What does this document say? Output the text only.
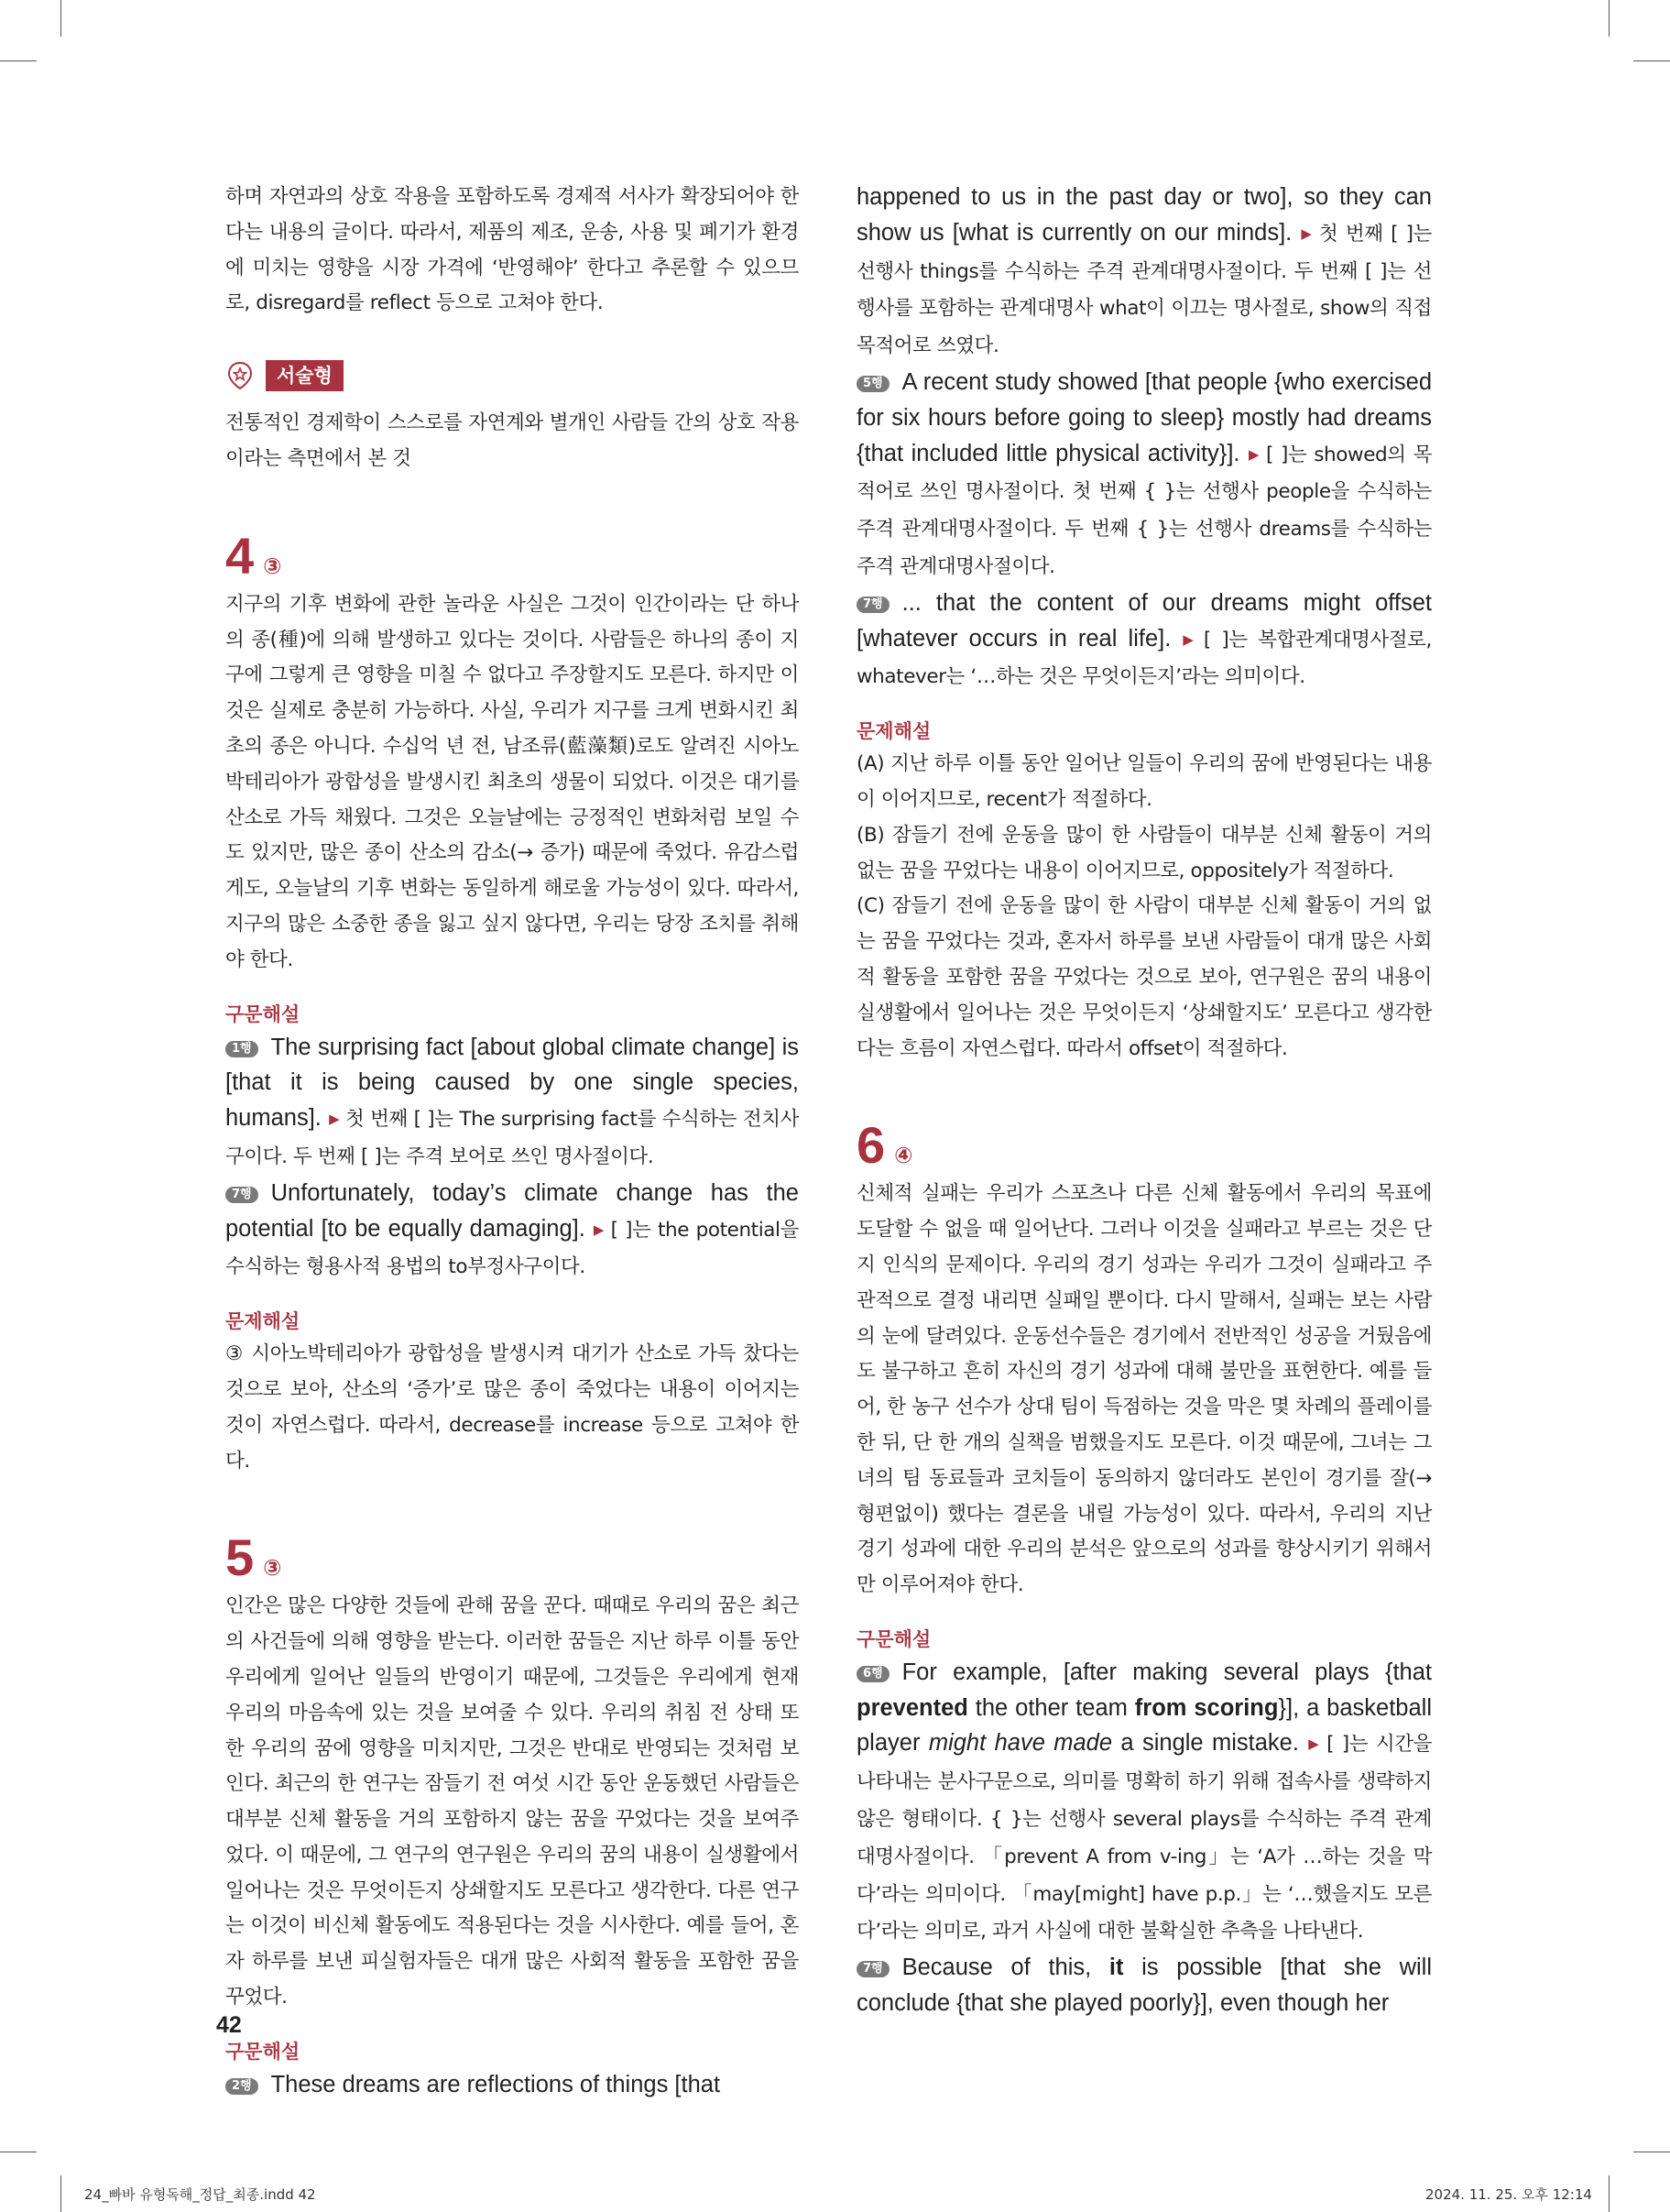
하며 자연과의 상호 작용을 포함하도록 경제적 서사가 확장되어야 한다는 내용의 글이다. 따라서, 제품의 제조, 운송, 사용 및 폐기가 환경에 미치는 영향을 시장 가격에 ‘반영해야’ 한다고 추론할 수 있으므로, disregard를 reflect 등으로 고쳐야 한다.

서술형

전통적인 경제학이 스스로를 자연계와 별개인 사람들 간의 상호 작용이라는 측면에서 본 것

4 ③

지구의 기후 변화에 관한 놀라운 사실은 그것이 인간이라는 단 하나의 종(種)에 의해 발생하고 있다는 것이다. 사람들은 하나의 종이 지구에 그렇게 큰 영향을 미칠 수 없다고 주장할지도 모른다. 하지만 이것은 실제로 충분히 가능하다. 사실, 우리가 지구를 크게 변화시킨 최초의 종은 아니다. 수십억 년 전, 남조류(藍藻類)로도 알려진 시아노박테리아가 광합성을 발생시킨 최초의 생물이 되었다. 이것은 대기를 산소로 가득 채웠다. 그것은 오늘날에는 긍정적인 변화처럼 보일 수도 있지만, 많은 종이 산소의 감소(→ 증가) 때문에 죽었다. 유감스럽게도, 오늘날의 기후 변화는 동일하게 해로울 가능성이 있다. 따라서, 지구의 많은 소중한 종을 잃고 싶지 않다면, 우리는 당장 조치를 취해야 한다.

구문해설

1행 The surprising fact [about global climate change] is [that it is being caused by one single species, humans]. ▶ 첫 번째 [ ]는 The surprising fact를 수식하는 전치사구이다. 두 번째 [ ]는 주격 보어로 쓰인 명사절이다.

7행 Unfortunately, today’s climate change has the potential [to be equally damaging]. ▶ [ ]는 the potential을 수식하는 형용사적 용법의 to부정사구이다.

문제해설

③ 시아노박테리아가 광합성을 발생시켜 대기가 산소로 가득 찼다는 것으로 보아, 산소의 ‘증가’로 많은 종이 죽었다는 내용이 이어지는 것이 자연스럽다. 따라서, decrease를 increase 등으로 고쳐야 한다.

5 ③

인간은 많은 다양한 것들에 관해 꿈을 꾼다. 때때로 우리의 꿈은 최근의 사건들에 의해 영향을 받는다. 이러한 꿈들은 지난 하루 이틀 동안 우리에게 일어난 일들의 반영이기 때문에, 그것들은 우리에게 현재 우리의 마음속에 있는 것을 보여줄 수 있다. 우리의 취침 전 상태 또한 우리의 꿈에 영향을 미치지만, 그것은 반대로 반영되는 것처럼 보인다. 최근의 한 연구는 잠들기 전 여섯 시간 동안 운동했던 사람들은 대부분 신체 활동을 거의 포함하지 않는 꿈을 꾸었다는 것을 보여주었다. 이 때문에, 그 연구의 연구원은 우리의 꿈의 내용이 실생활에서 일어나는 것은 무엇이든지 상쇄할지도 모른다고 생각한다. 다른 연구는 이것이 비신체 활동에도 적용된다는 것을 시사한다. 예를 들어, 혼자 하루를 보낸 피실험자들은 대개 많은 사회적 활동을 포함한 꿈을 꾸었다.

구문해설

2행 These dreams are reflections of things [that

happened to us in the past day or two], so they can show us [what is currently on our minds]. ▶ 첫 번째 [ ]는 선행사 things를 수식하는 주격 관계대명사절이다. 두 번째 [ ]는 선행사를 포함하는 관계대명사 what이 이끄는 명사절로, show의 직접목적어로 쓰였다.

5행 A recent study showed [that people {who exercised for six hours before going to sleep} mostly had dreams {that included little physical activity}]. ▶ [ ]는 showed의 목적어로 쓰인 명사절이다. 첫 번째 { }는 선행사 people을 수식하는 주격 관계대명사절이다. 두 번째 { }는 선행사 dreams를 수식하는 주격 관계대명사절이다.

7행 ... that the content of our dreams might offset [whatever occurs in real life]. ▶ [ ]는 복합관계대명사절로, whatever는 ‘…하는 것은 무엇이든지’라는 의미이다.

문제해설

(A) 지난 하루 이틀 동안 일어난 일들이 우리의 꿈에 반영된다는 내용이 이어지므로, recent가 적절하다.

(B) 잠들기 전에 운동을 많이 한 사람들이 대부분 신체 활동이 거의 없는 꿈을 꾸었다는 내용이 이어지므로, oppositely가 적절하다.

(C) 잠들기 전에 운동을 많이 한 사람이 대부분 신체 활동이 거의 없는 꿈을 꾸었다는 것과, 혼자서 하루를 보낸 사람들이 대개 많은 사회적 활동을 포함한 꿈을 꾸었다는 것으로 보아, 연구원은 꿈의 내용이 실생활에서 일어나는 것은 무엇이든지 ‘상쇄할지도’ 모른다고 생각한다는 흐름이 자연스럽다. 따라서 offset이 적절하다.

6 ④

신체적 실패는 우리가 스포츠나 다른 신체 활동에서 우리의 목표에 도달할 수 없을 때 일어난다. 그러나 이것을 실패라고 부르는 것은 단지 인식의 문제이다. 우리의 경기 성과는 우리가 그것이 실패라고 주관적으로 결정 내리면 실패일 뿐이다. 다시 말해서, 실패는 보는 사람의 눈에 달려있다. 운동선수들은 경기에서 전반적인 성공을 거뒀음에도 불구하고 흔히 자신의 경기 성과에 대해 불만을 표현한다. 예를 들어, 한 농구 선수가 상대 팀이 득점하는 것을 막은 몇 차례의 플레이를 한 뒤, 단 한 개의 실책을 범했을지도 모른다. 이것 때문에, 그녀는 그녀의 팀 동료들과 코치들이 동의하지 않더라도 본인이 경기를 잘(→ 형편없이) 했다는 결론을 내릴 가능성이 있다. 따라서, 우리의 지난 경기 성과에 대한 우리의 분석은 앞으로의 성과를 향상시키기 위해서만 이루어져야 한다.

구문해설

6행 For example, [after making several plays {that prevented the other team from scoring}], a basketball player might have made a single mistake. ▶ [ ]는 시간을 나타내는 분사구문으로, 의미를 명확히 하기 위해 접속사를 생략하지 않은 형태이다. { }는 선행사 several plays를 수식하는 주격 관계대명사절이다. 「prevent A from v-ing」는 ‘A가 …하는 것을 막다’라는 의미이다. 「may[might] have p.p.」는 ‘…했을지도 모른다’라는 의미로, 과거 사실에 대한 불확실한 추측을 나타낸다.

7행 Because of this, it is possible [that she will conclude {that she played poorly}], even though her

42
24_빠바 유형독해_정답_최종.indd 42	2024. 11. 25. 오후 12:14
